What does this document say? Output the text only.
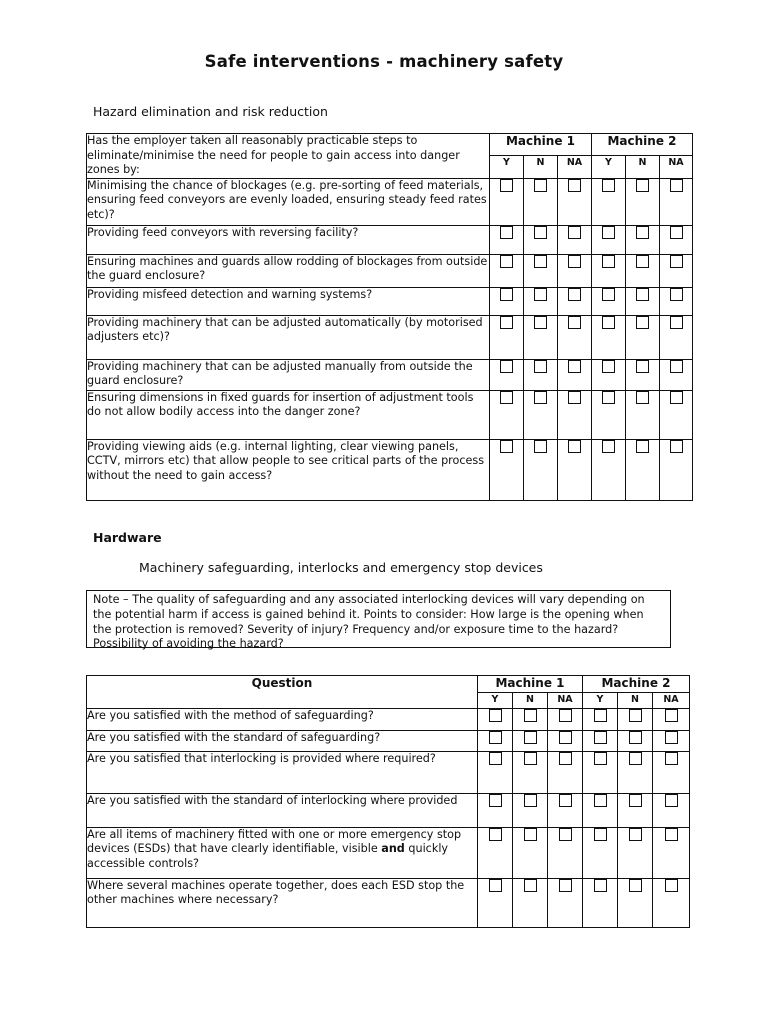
Safe interventions - machinery safety
Hazard elimination and risk reduction
Has the employer taken all reasonably practicable steps to eliminate/minimise the need for people to gain access into danger zones by:	Machine 1			Machine 2		
	Y	N	NA	Y	N	NA
Minimising the chance of blockages (e.g. pre-sorting of feed materials, ensuring feed conveyors are evenly loaded, ensuring steady feed rates etc)?						
Providing feed conveyors with reversing facility?						
Ensuring machines and guards allow rodding of blockages from outside the guard enclosure?						
Providing misfeed detection and warning systems?						
Providing machinery that can be adjusted automatically (by motorised adjusters etc)?						
Providing machinery that can be adjusted manually from outside the guard enclosure?						
Ensuring dimensions in fixed guards for insertion of adjustment tools do not allow bodily access into the danger zone?						
Providing viewing aids (e.g. internal lighting, clear viewing panels, CCTV, mirrors etc) that allow people to see critical parts of the process without the need to gain access?						
Hardware
Machinery safeguarding, interlocks and emergency stop devices
Note – The quality of safeguarding and any associated interlocking devices will vary depending on the potential harm if access is gained behind it. Points to consider: How large is the opening when the protection is removed? Severity of injury? Frequency and/or exposure time to the hazard? Possibility of avoiding the hazard?
Question	Machine 1			Machine 2		
	Y	N	NA	Y	N	NA
Are you satisfied with the method of safeguarding?						
Are you satisfied with the standard of safeguarding?						
Are you satisfied that interlocking is provided where required?						
Are you satisfied with the standard of interlocking where provided						
Are all items of machinery fitted with one or more emergency stop devices (ESDs) that have clearly identifiable, visible and quickly accessible controls?						
Where several machines operate together, does each ESD stop the other machines where necessary?						
